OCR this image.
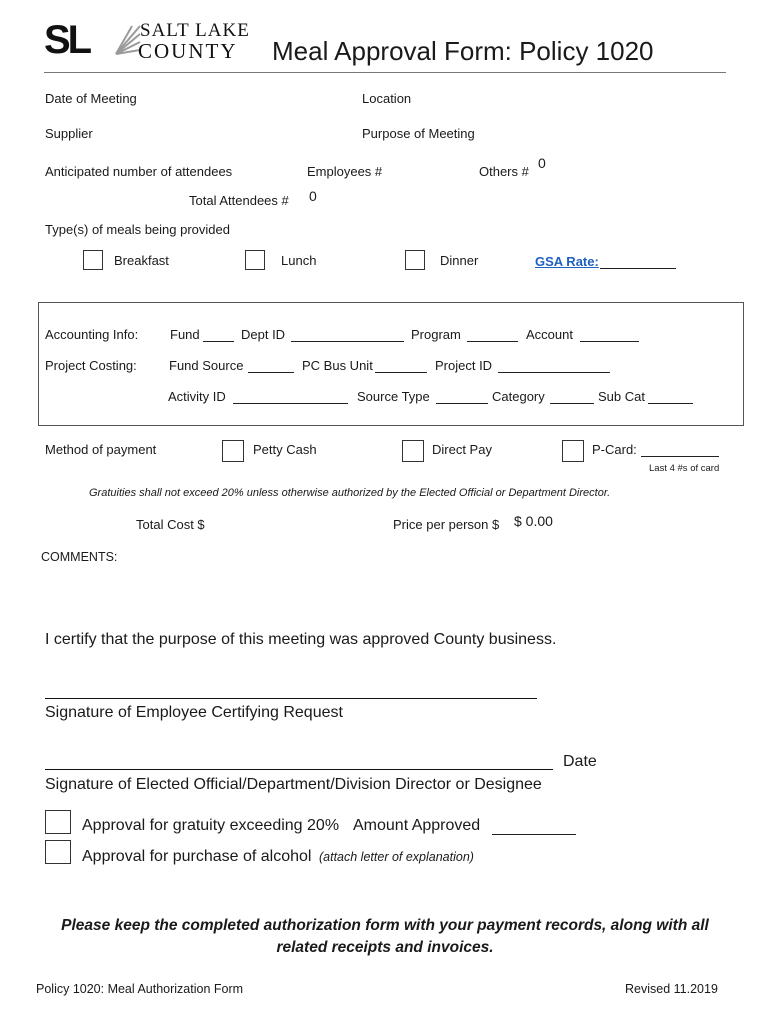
SL	SALT LAKE
COUNTY Meal Approval Form: Policy 1020
Date of Meeting	Location
Supplier	Purpose of Meeting
Anticipated number of attendees	Employees #	Others #
0
Total Attendees # 0
Type(s) of meals being provided
Breakfast	Lunch	Dinner	GSA Rate:
Accounting Info: Fund	Dept ID	Program	Account
Project Costing: Fund Source	PC Bus Unit	Project ID
Activity ID	Source Type	Category	Sub Cat
Method of payment	Petty Cash	Direct Pay	P-Card:
Last 4 #s of card
Gratuities shall not exceed 20% unless otherwise authorized by the Elected Official or Department Director.
Total Cost $	Price per person $ $ 0.00
COMMENTS:
I certify that the purpose of this meeting was approved County business.
Signature of Employee Certifying Request
Date
Signature of Elected Official/Department/Division Director or Designee
Approval for gratuity exceeding 20% Amount Approved
Approval for purchase of alcohol (attach letter of explanation)
Please keep the completed authorization form with your payment records, along with all
related receipts and invoices.
Policy 1020: Meal Authorization Form	Revised 11.2019
